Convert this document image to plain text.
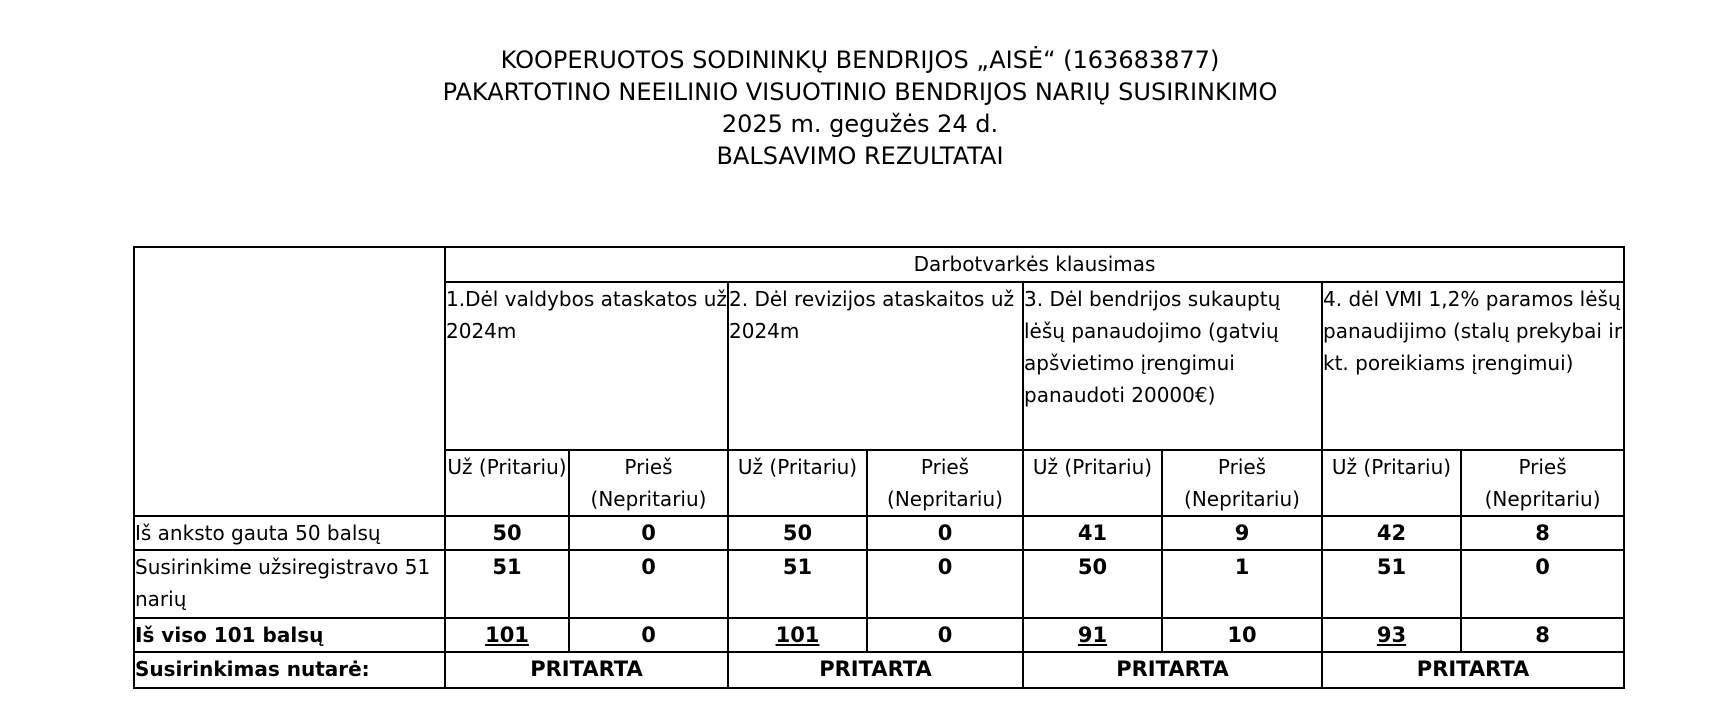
KOOPERUOTOS SODININKŲ BENDRIJOS „AISĖ“ (163683877)
PAKARTOTINO NEEILINIO VISUOTINIO BENDRIJOS NARIŲ SUSIRINKIMO
2025 m. gegužės 24 d.
BALSAVIMO REZULTATAI
	Darbotvarkės klausimas							
	1.Dėl valdybos ataskatos už 2024m		2. Dėl revizijos ataskaitos už 2024m		3. Dėl bendrijos sukauptų lėšų panaudojimo (gatvių apšvietimo įrengimui panaudoti 20000€)		4. dėl VMI 1,2% paramos lėšų panaudijimo (stalų prekybai ir kt. poreikiams įrengimui)	
	Už (Pritariu)	Prieš (Nepritariu)	Už (Pritariu)	Prieš (Nepritariu)	Už (Pritariu)	Prieš (Nepritariu)	Už (Pritariu)	Prieš (Nepritariu)
Iš anksto gauta 50 balsų	50	0	50	0	41	9	42	8
Susirinkime užsiregistravo 51 narių	51	0	51	0	50	1	51	0
Iš viso 101 balsų	101	0	101	0	91	10	93	8
Susirinkimas nutarė:	PRITARTA		PRITARTA		PRITARTA		PRITARTA	
